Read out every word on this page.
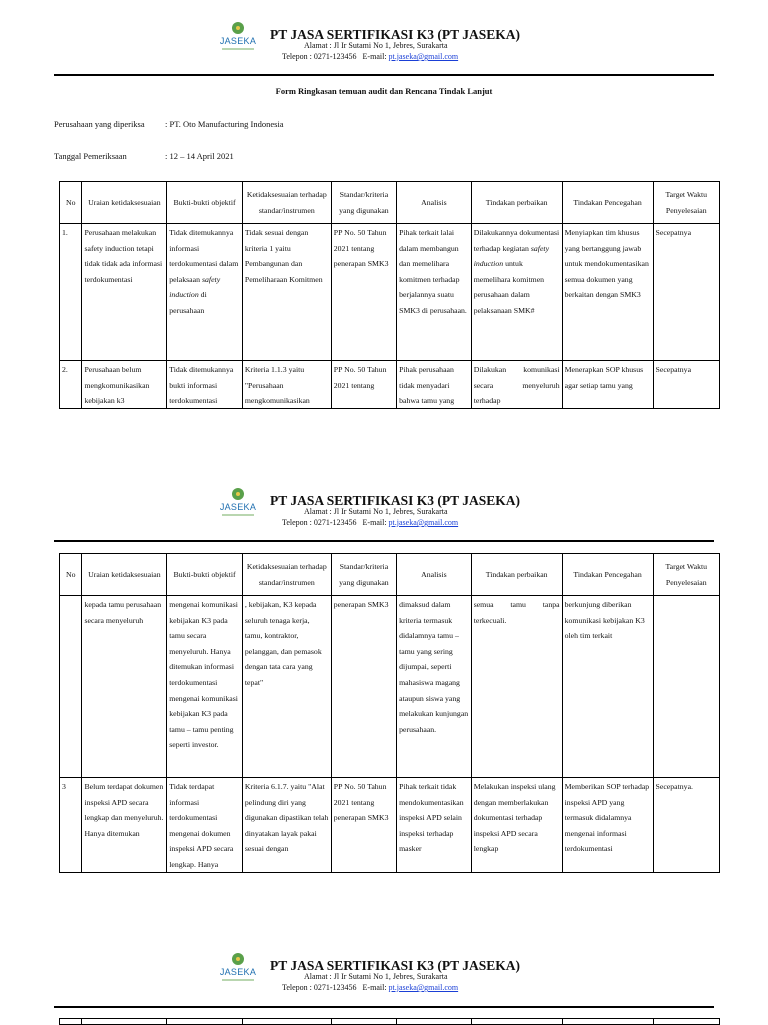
JASEKA PT JASA SERTIFIKASI K3 (PT JASEKA)
Alamat : Jl Ir Sutami No 1, Jebres, Surakarta
Telepon : 0271-123456 E-mail: pt.jaseka@gmail.com
Form Ringkasan temuan audit dan Rencana Tindak Lanjut
Perusahaan yang diperiksa : PT. Oto Manufacturing Indonesia
Tanggal Pemeriksaan	: 12 – 14 April 2021
No	Uraian ketidaksesuaian	Bukti-bukti objektif	Ketidaksesuaian terhadap standar/instrumen	Standar/kriteria yang digunakan	Analisis	Tindakan perbaikan	Tindakan Pencegahan	Target Waktu Penyelesaian
1.	Perusahaan melakukan safety induction tetapi tidak tidak ada informasi terdokumentasi	Tidak ditemukannya informasi terdokumentasi dalam pelaksaan safety induction di perusahaan	Tidak sesuai dengan kriteria 1 yaitu Pembangunan dan Pemeliharaan Komitmen	PP No. 50 Tahun 2021 tentang penerapan SMK3	Pihak terkait lalai dalam membangun dan memelihara komitmen terhadap berjalannya suatu SMK3 di perusahaan.	Dilakukannya dokumentasi terhadap kegiatan safety induction untuk memelihara komitmen perusahaan dalam pelaksanaan SMK#	Menyiapkan tim khusus yang bertanggung jawab untuk mendokumentasikan semua dokumen yang berkaitan dengan SMK3	Secepatnya

2.	Perusahaan belum mengkomunikasikan kebijakan k3	Tidak ditemukannya bukti informasi terdokumentasi	Kriteria 1.1.3 yaitu "Perusahaan mengkomunikasikan	PP No. 50 Tahun 2021 tentang	Pihak perusahaan tidak menyadari bahwa tamu yang	Dilakukan komunikasi secara menyeluruh terhadap	Menerapkan SOP khusus agar setiap tamu yang	Secepatnya
JASEKA PT JASA SERTIFIKASI K3 (PT JASEKA)
Alamat : Jl Ir Sutami No 1, Jebres, Surakarta
Telepon : 0271-123456 E-mail: pt.jaseka@gmail.com
No	Uraian ketidaksesuaian	Bukti-bukti objektif	Ketidaksesuaian terhadap standar/instrumen	Standar/kriteria yang digunakan	Analisis	Tindakan perbaikan	Tindakan Pencegahan	Target Waktu Penyelesaian
	kepada tamu perusahaan secara menyeluruh	mengenai komunikasi kebijakan K3 pada tamu secara menyeluruh. Hanya ditemukan informasi terdokumentasi mengenai komunikasi kebijakan K3 pada tamu – tamu penting seperti investor.	, kebijakan, K3 kepada seluruh tenaga kerja, tamu, kontraktor, pelanggan, dan pemasok dengan tata cara yang tepat"	penerapan SMK3	dimaksud dalam kriteria termasuk didalamnya tamu – tamu yang sering dijumpai, seperti mahasiswa magang ataupun siswa yang melakukan kunjungan perusahaan.	semua tamu tanpa terkecuali.	berkunjung diberikan komunikasi kebijakan K3 oleh tim terkait	

3	Belum terdapat dokumen inspeksi APD secara lengkap dan menyeluruh. Hanya ditemukan	Tidak terdapat informasi terdokumentasi mengenai dokumen inspeksi APD secara lengkap. Hanya	Kriteria 6.1.7. yaitu "Alat pelindung diri yang digunakan dipastikan telah dinyatakan layak pakai sesuai dengan	PP No. 50 Tahun 2021 tentang penerapan SMK3	Pihak terkait tidak mendokumentasikan inspeksi APD selain inspeksi terhadap masker	Melakukan inspeksi ulang dengan memberlakukan dokumentasi terhadap inspeksi APD secara lengkap	Memberikan SOP terhadap inspeksi APD yang termasuk didalamnya mengenai informasi terdokumentasi	Secepatnya.
JASEKA PT JASA SERTIFIKASI K3 (PT JASEKA)
Alamat : Jl Ir Sutami No 1, Jebres, Surakarta
Telepon : 0271-123456 E-mail: pt.jaseka@gmail.com
